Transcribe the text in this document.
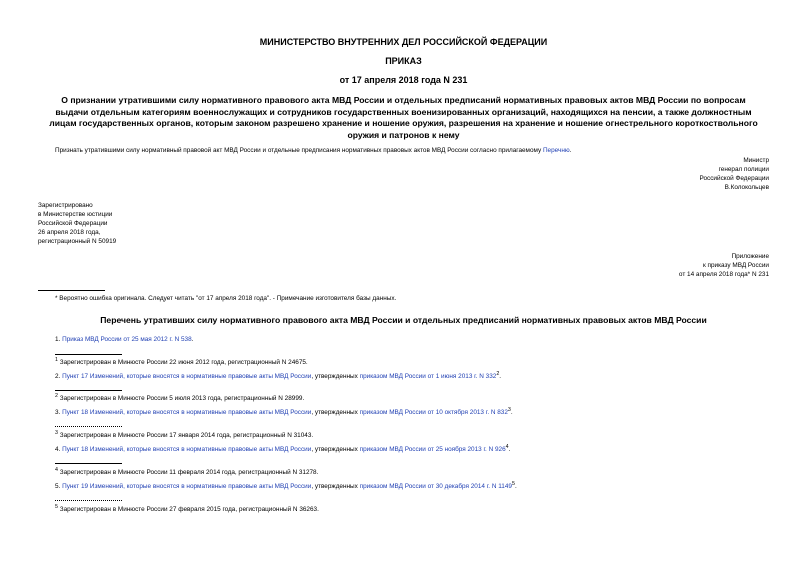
МИНИСТЕРСТВО ВНУТРЕННИХ ДЕЛ РОССИЙСКОЙ ФЕДЕРАЦИИ
ПРИКАЗ
от 17 апреля 2018 года N 231
О признании утратившими силу нормативного правового акта МВД России и отдельных предписаний нормативных правовых актов МВД России по вопросам
выдачи отдельным категориям военнослужащих и сотрудников государственных военизированных организаций, находящихся на пенсии, а также должностным
лицам государственных органов, которым законом разрешено хранение и ношение оружия, разрешения на хранение и ношение огнестрельного короткоствольного
оружия и патронов к нему
Признать утратившими силу нормативный правовой акт МВД России и отдельные предписания нормативных правовых актов МВД России согласно прилагаемому Перечню.
Министр
генерал полиции
Российской Федерации
В.Колокольцев
Зарегистрировано
в Министерстве юстиции
Российской Федерации
26 апреля 2018 года,
регистрационный N 50919
Приложение
к приказу МВД России
от 14 апреля 2018 года* N 231
* Вероятно ошибка оригинала. Следует читать "от 17 апреля 2018 года". - Примечание изготовителя базы данных.
Перечень утративших силу нормативного правового акта МВД России и отдельных предписаний нормативных правовых актов МВД России
1. Приказ МВД России от 25 мая 2012 г. N 538.
$^1$ Зарегистрирован в Минюсте России 22 июня 2012 года, регистрационный N 24675.
2. Пункт 17 Изменений, которые вносятся в нормативные правовые акты МВД России, утвержденных приказом МВД России от 1 июня 2013 г. N $332^2$.
$^2$ Зарегистрирован в Минюсте России 5 июля 2013 года, регистрационный N 28999.
3. Пункт 18 Изменений, которые вносятся в нормативные правовые акты МВД России, утвержденных приказом МВД России от 10 октября 2013 г. N $832^3$.
$^3$ Зарегистрирован в Минюсте России 17 января 2014 года, регистрационный N 31043.
4. Пункт 18 Изменений, которые вносятся в нормативные правовые акты МВД России, утвержденных приказом МВД России от 25 ноября 2013 г. N $926^4$.
$^4$ Зарегистрирован в Минюсте России 11 февраля 2014 года, регистрационный N 31278.
5. Пункт 19 Изменений, которые вносятся в нормативные правовые акты МВД России, утвержденных приказом МВД России от 30 декабря 2014 г. N 1149$^5$.
$^5$ Зарегистрирован в Минюсте России 27 февраля 2015 года, регистрационный N 36263.
